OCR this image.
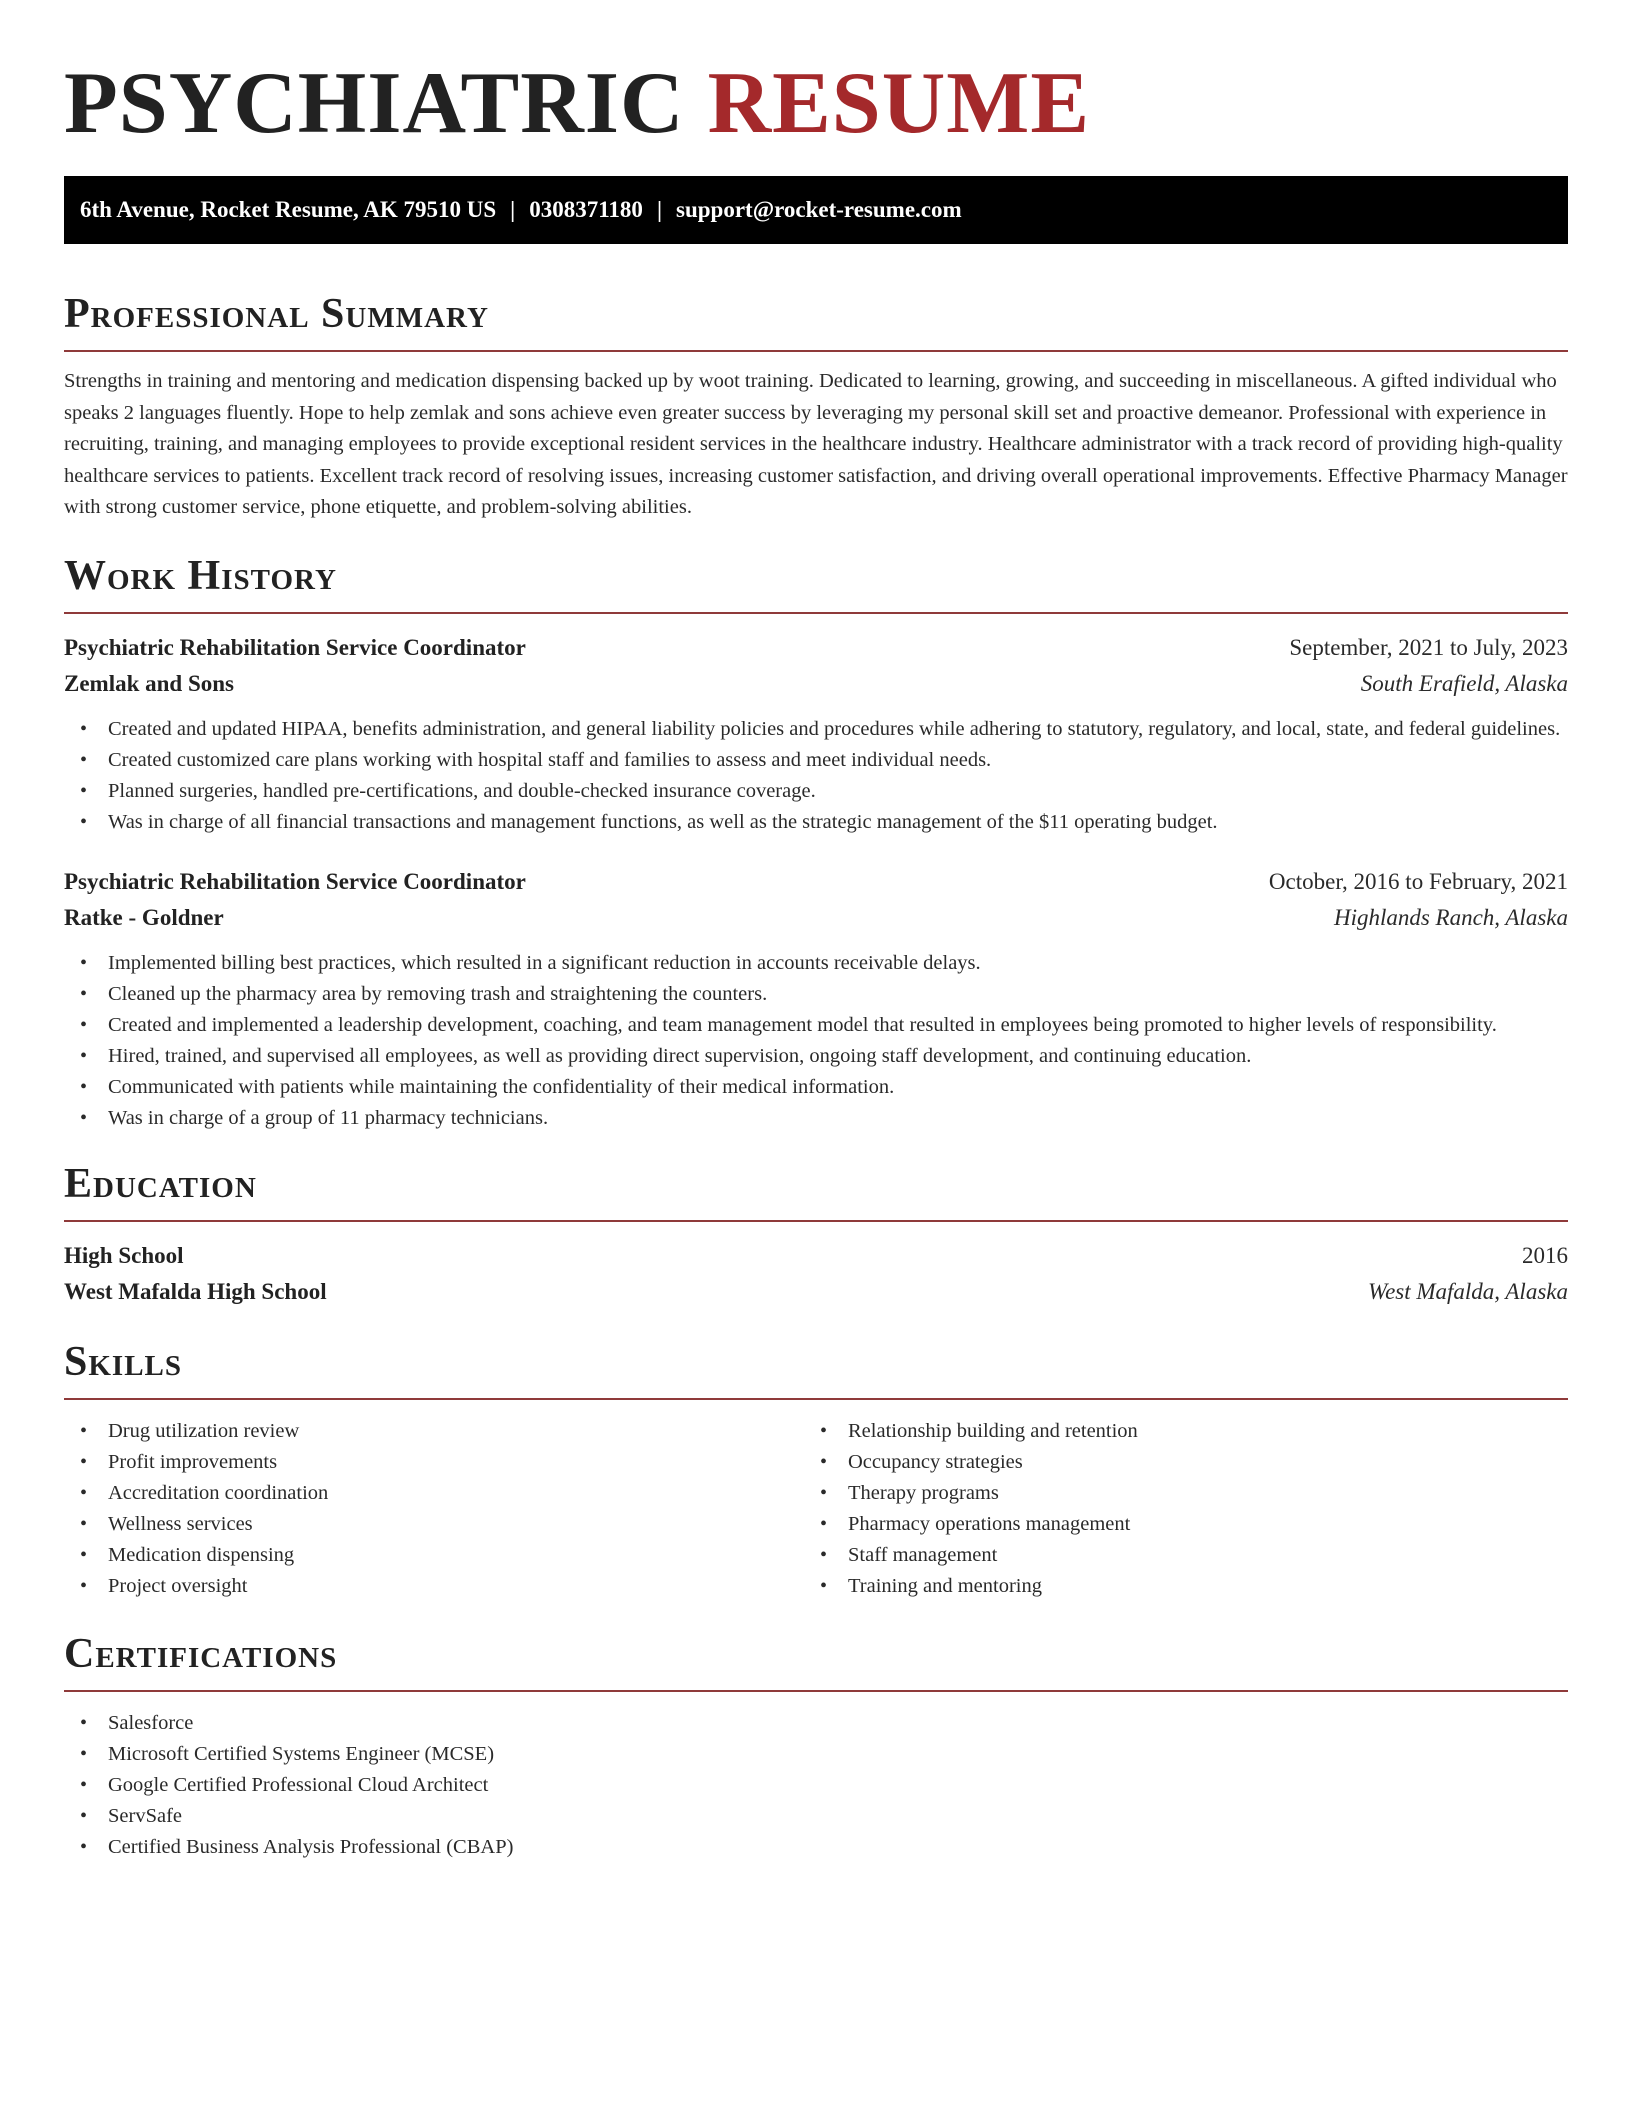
PSYCHIATRIC RESUME
6th Avenue, Rocket Resume, AK 79510 US | 0308371180 | support@rocket-resume.com
Professional Summary

Strengths in training and mentoring and medication dispensing backed up by woot training. Dedicated to learning, growing, and succeeding in miscellaneous. A gifted individual who speaks 2 languages fluently. Hope to help zemlak and sons achieve even greater success by leveraging my personal skill set and proactive demeanor. Professional with experience in recruiting, training, and managing employees to provide exceptional resident services in the healthcare industry. Healthcare administrator with a track record of providing high-quality healthcare services to patients. Excellent track record of resolving issues, increasing customer satisfaction, and driving overall operational improvements. Effective Pharmacy Manager with strong customer service, phone etiquette, and problem-solving abilities.

Work History
Psychiatric Rehabilitation Service Coordinator	September, 2021 to July, 2023
Zemlak and Sons	South Erafield, Alaska
• Created and updated HIPAA, benefits administration, and general liability policies and procedures while adhering to statutory, regulatory, and local, state, and federal guidelines.
• Created customized care plans working with hospital staff and families to assess and meet individual needs.
• Planned surgeries, handled pre-certifications, and double-checked insurance coverage.
• Was in charge of all financial transactions and management functions, as well as the strategic management of the $11 operating budget.
Psychiatric Rehabilitation Service Coordinator	October, 2016 to February, 2021
Ratke - Goldner	Highlands Ranch, Alaska
• Implemented billing best practices, which resulted in a significant reduction in accounts receivable delays.
• Cleaned up the pharmacy area by removing trash and straightening the counters.
• Created and implemented a leadership development, coaching, and team management model that resulted in employees being promoted to higher levels of responsibility.
• Hired, trained, and supervised all employees, as well as providing direct supervision, ongoing staff development, and continuing education.
• Communicated with patients while maintaining the confidentiality of their medical information.
• Was in charge of a group of 11 pharmacy technicians.
Education
High School	2016
West Mafalda High School	West Mafalda, Alaska
Skills
• Drug utilization review
• Profit improvements
• Accreditation coordination
• Wellness services
• Medication dispensing
• Project oversight
• Relationship building and retention
• Occupancy strategies
• Therapy programs
• Pharmacy operations management
• Staff management
• Training and mentoring
Certifications
• Salesforce
• Microsoft Certified Systems Engineer (MCSE)
• Google Certified Professional Cloud Architect
• ServSafe
• Certified Business Analysis Professional (CBAP)
